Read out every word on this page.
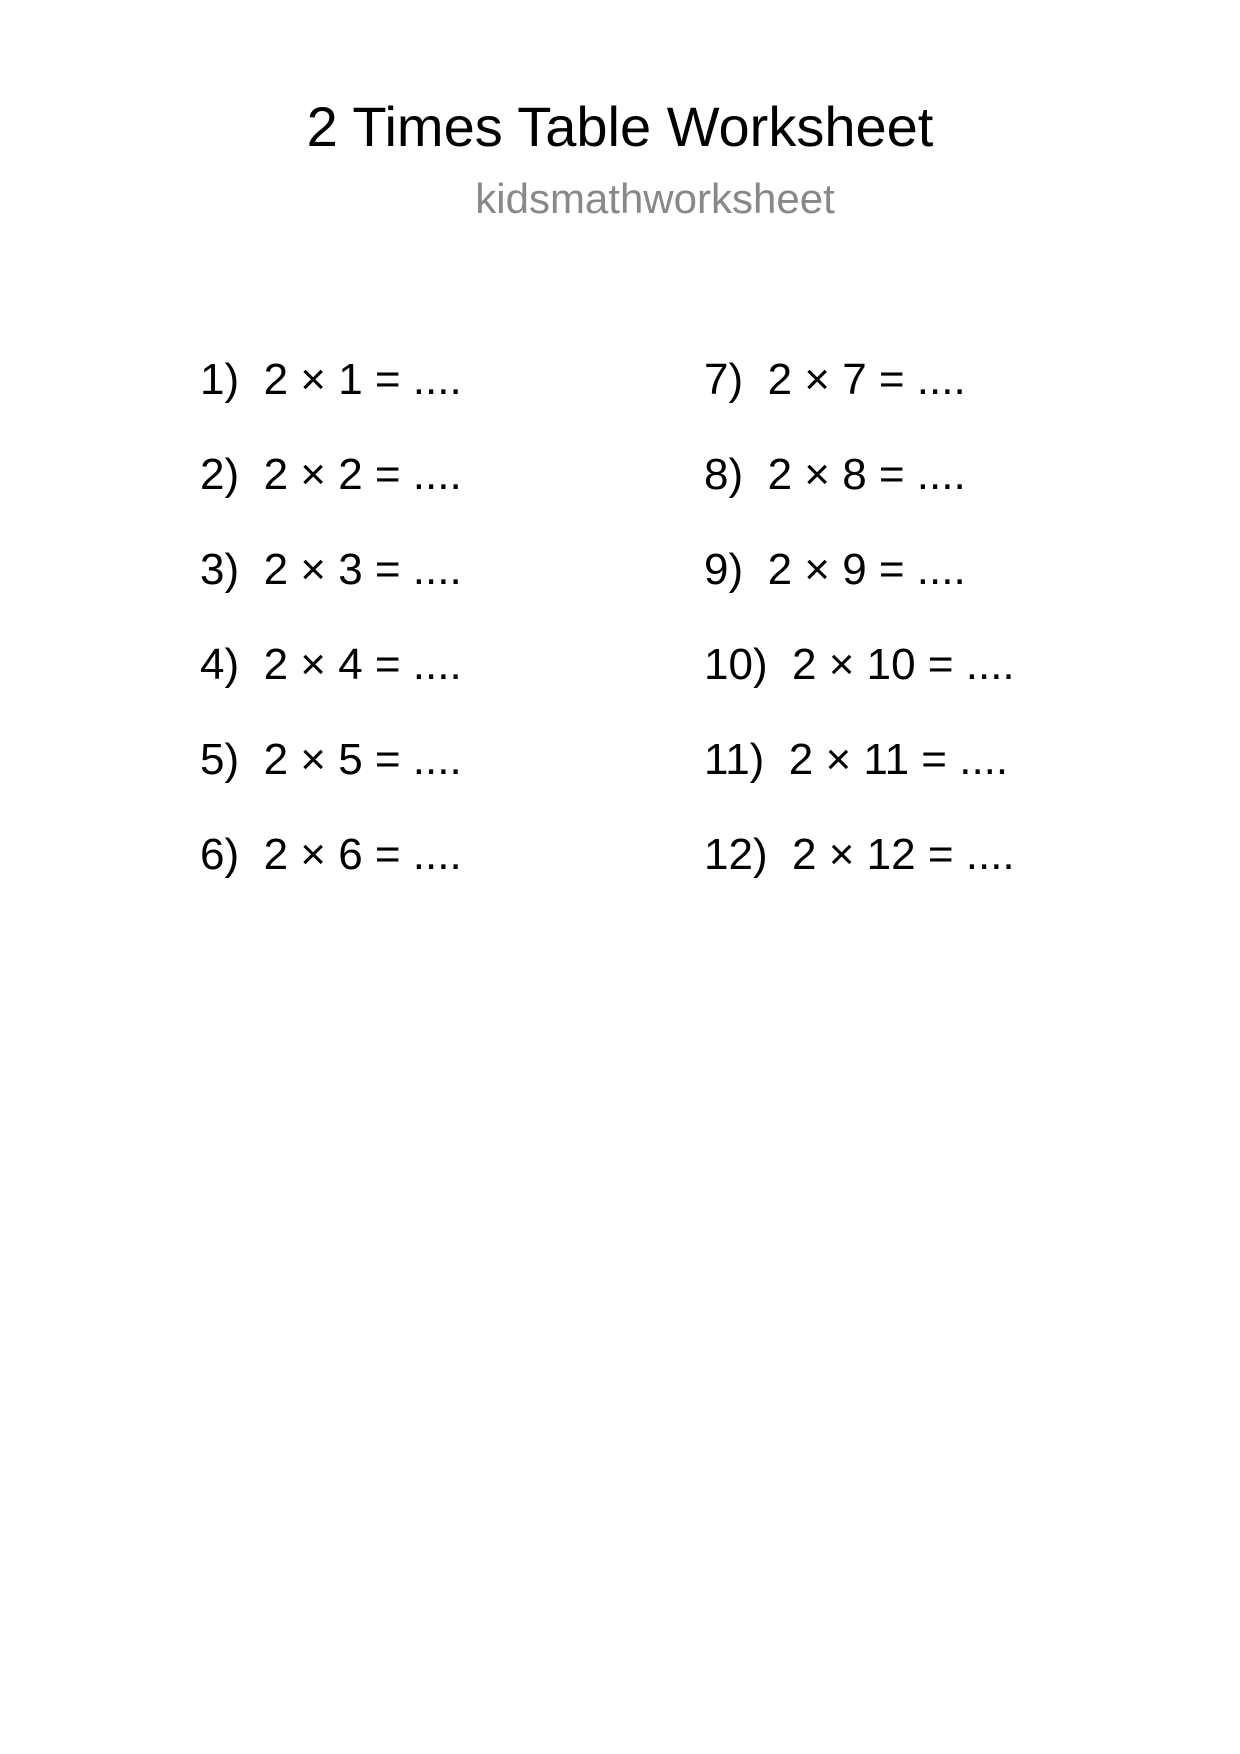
2 Times Table Worksheet
kidsmathworksheet
1)  2 × 1 = ....
2)  2 × 2 = ....
3)  2 × 3 = ....
4)  2 × 4 = ....
5)  2 × 5 = ....
6)  2 × 6 = ....
7)  2 × 7 = ....
8)  2 × 8 = ....
9)  2 × 9 = ....
10)  2 × 10 = ....
11)  2 × 11 = ....
12)  2 × 12 = ....
